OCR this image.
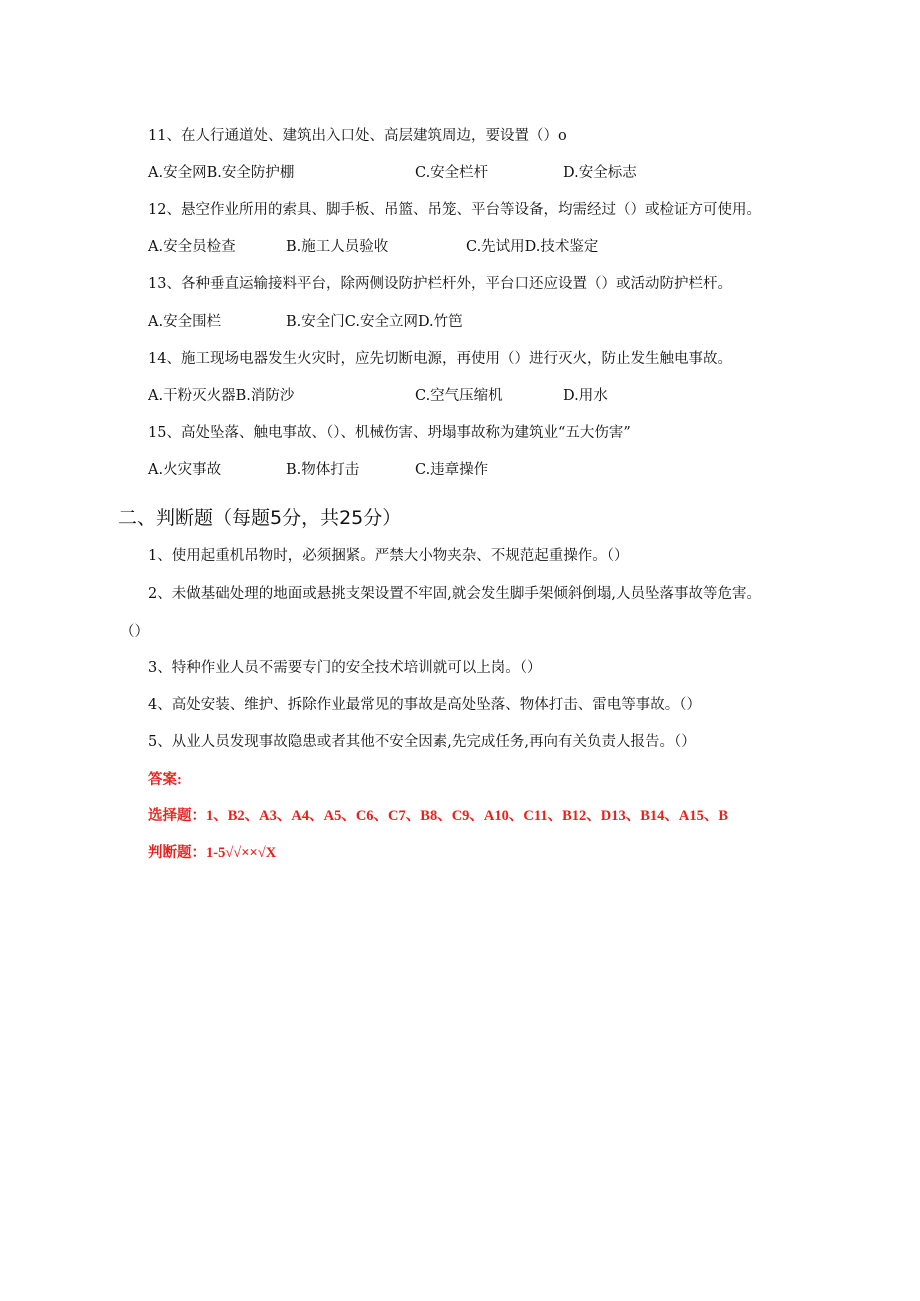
11、在人行通道处、建筑出入口处、高层建筑周边，要设置（）o
A.安全网B.安全防护棚	C.安全栏杆	D.安全标志
12、悬空作业所用的索具、脚手板、吊篮、吊笼、平台等设备，均需经过（）或检证方可使用。
A.安全员检查	B.施工人员验收	C.先试用D.技术鉴定
13、各种垂直运输接料平台，除两侧设防护栏杆外，平台口还应设置（）或活动防护栏杆。
A.安全围栏	B.安全门C.安全立网D.竹笆
14、施工现场电器发生火灾时，应先切断电源，再使用（）进行灭火，防止发生触电事故。
A.干粉灭火器B.消防沙	C.空气压缩机	D.用水
15、高处坠落、触电事故、（）、机械伤害、坍塌事故称为建筑业“五大伤害”
A.火灾事故	B.物体打击	C.违章操作
二、判断题（每题5分，共25分）
1、使用起重机吊物时，必须捆紧。严禁大小物夹杂、不规范起重操作。（）
2、未做基础处理的地面或悬挑支架设置不牢固,就会发生脚手架倾斜倒塌,人员坠落事故等危害。
（）
3、特种作业人员不需要专门的安全技术培训就可以上岗。（）
4、高处安装、维护、拆除作业最常见的事故是高处坠落、物体打击、雷电等事故。（）
5、从业人员发现事故隐患或者其他不安全因素,先完成任务,再向有关负责人报告。（）
答案:
选择题：1、B2、A3、A4、A5、C6、C7、B8、C9、A10、C11、B12、D13、B14、A15、B
判断题：1-5√√××√X
